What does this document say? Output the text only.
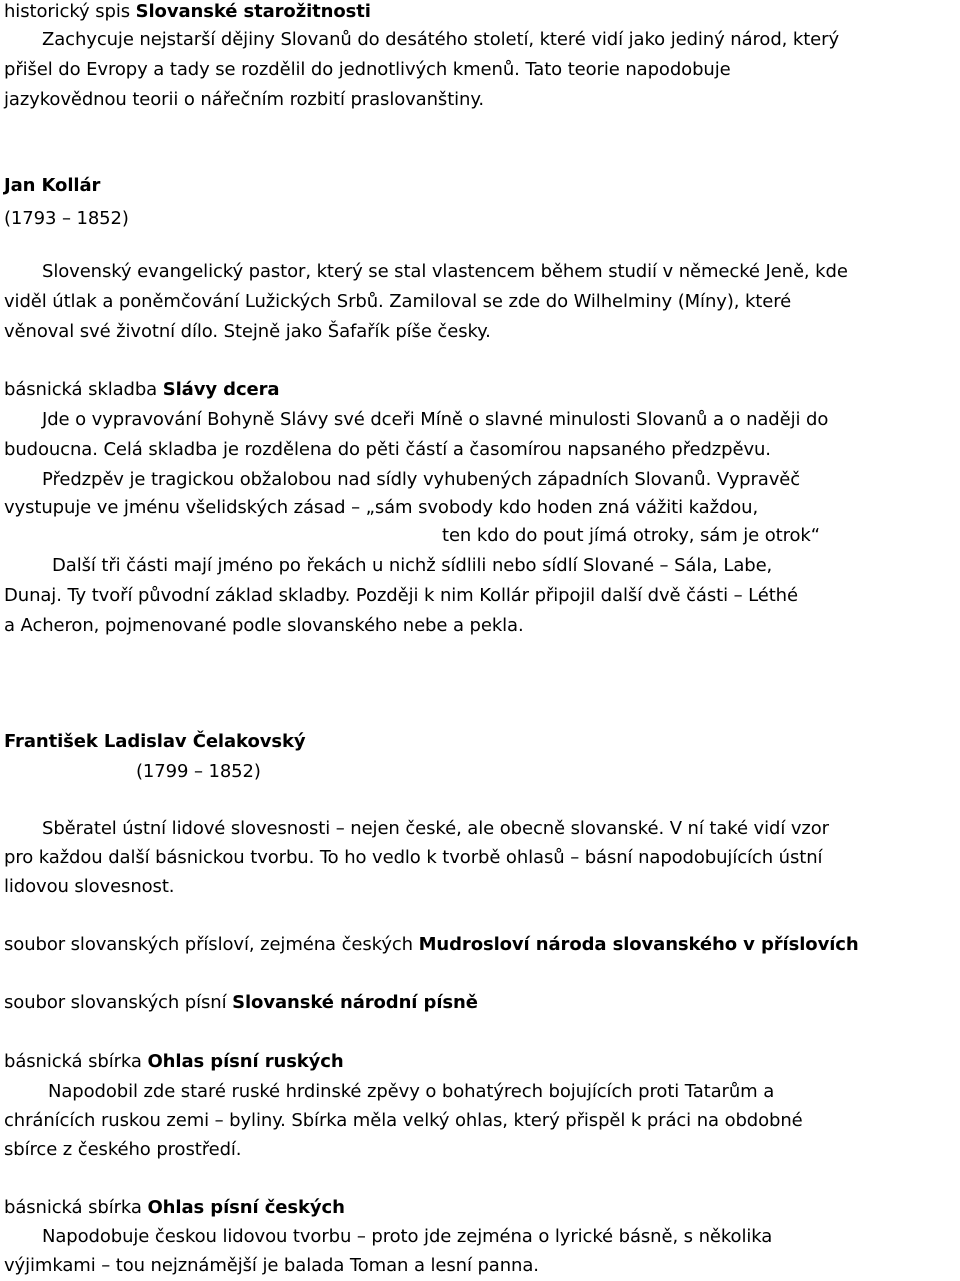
historický spis Slovanské starožitnosti
Zachycuje nejstarší dějiny Slovanů do desátého století, které vidí jako jediný národ, který
přišel do Evropy a tady se rozdělil do jednotlivých kmenů. Tato teorie napodobuje
jazykovědnou teorii o nářečním rozbití praslovanštiny.
Jan Kollár
(1793 – 1852)
Slovenský evangelický pastor, který se stal vlastencem během studií v německé Jeně, kde
viděl útlak a poněmčování Lužických Srbů. Zamiloval se zde do Wilhelminy (Míny), které
věnoval své životní dílo. Stejně jako Šafařík píše česky.
básnická skladba Slávy dcera
Jde o vypravování Bohyně Slávy své dceři Míně o slavné minulosti Slovanů a o naději do
budoucna. Celá skladba je rozdělena do pěti částí a časomírou napsaného předzpěvu.
Předzpěv je tragickou obžalobou nad sídly vyhubených západních Slovanů. Vypravěč
vystupuje ve jménu všelidských zásad – „sám svobody kdo hoden zná vážiti každou,
ten kdo do pout jímá otroky, sám je otrok“
Další tři části mají jméno po řekách u nichž sídlili nebo sídlí Slované – Sála, Labe,
Dunaj. Ty tvoří původní základ skladby. Později k nim Kollár připojil další dvě části – Léthé
a Acheron, pojmenované podle slovanského nebe a pekla.
František Ladislav Čelakovský
(1799 – 1852)
Sběratel ústní lidové slovesnosti – nejen české, ale obecně slovanské. V ní také vidí vzor
pro každou další básnickou tvorbu. To ho vedlo k tvorbě ohlasů – básní napodobujících ústní
lidovou slovesnost.
soubor slovanských přísloví, zejména českých Mudrosloví národa slovanského v příslovích
soubor slovanských písní Slovanské národní písně
básnická sbírka Ohlas písní ruských
Napodobil zde staré ruské hrdinské zpěvy o bohatýrech bojujících proti Tatarům a
chránících ruskou zemi – byliny. Sbírka měla velký ohlas, který přispěl k práci na obdobné
sbírce z českého prostředí.
básnická sbírka Ohlas písní českých
Napodobuje českou lidovou tvorbu – proto jde zejména o lyrické básně, s několika
výjimkami – tou nejznámější je balada Toman a lesní panna.
